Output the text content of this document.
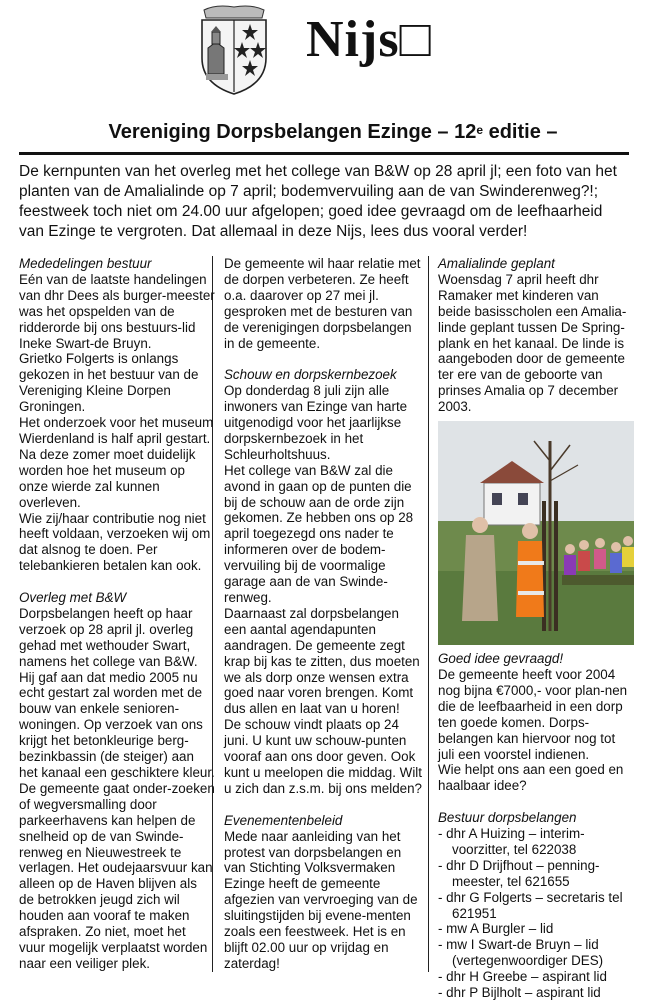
Nijs□
Vereniging Dorpsbelangen Ezinge – 12e editie –
De kernpunten van het overleg met het college van B&W op 28 april jl; een foto van het planten van de Amalialinde op 7 april; bodemvervuiling aan de van Swinderenweg?!; feestweek toch niet om 24.00 uur afgelopen; goed idee gevraagd om de leefhaarheid van Ezinge te vergroten. Dat allemaal in deze Nijs, lees dus vooral verder!

Mededelingen bestuur

Eén van de laatste handelingen van dhr Dees als burger-meester was het opspelden van de ridderorde bij ons bestuurs-lid Ineke Swart-de Bruyn.

Grietko Folgerts is onlangs gekozen in het bestuur van de Vereniging Kleine Dorpen Groningen.

Het onderzoek voor het museum Wierdenland is half april gestart. Na deze zomer moet duidelijk worden hoe het museum op onze wierde zal kunnen overleven.

Wie zij/haar contributie nog niet heeft voldaan, verzoeken wij om dat alsnog te doen. Per telebankieren betalen kan ook.

Overleg met B&W

Dorpsbelangen heeft op haar verzoek op 28 april jl. overleg gehad met wethouder Swart, namens het college van B&W. Hij gaf aan dat medio 2005 nu echt gestart zal worden met de bouw van enkele senioren-woningen. Op verzoek van ons krijgt het betonkleurige berg-bezinkbassin (de steiger) aan het kanaal een geschiktere kleur. De gemeente gaat onder-zoeken of wegversmalling door parkeerhavens kan helpen de snelheid op de van Swinde-renweg en Nieuwestreek te verlagen. Het oudejaarsvuur kan alleen op de Haven blijven als de betrokken jeugd zich wil houden aan vooraf te maken afspraken. Zo niet, moet het vuur mogelijk verplaatst worden naar een veiliger plek.

De gemeente wil haar relatie met de dorpen verbeteren. Ze heeft o.a. daarover op 27 mei jl. gesproken met de besturen van de verenigingen dorpsbelangen in de gemeente.

Schouw en dorpskernbezoek

Op donderdag 8 juli zijn alle inwoners van Ezinge van harte uitgenodigd voor het jaarlijkse dorpskernbezoek in het Schleurholtshuus.

Het college van B&W zal die avond in gaan op de punten die bij de schouw aan de orde zijn gekomen. Ze hebben ons op 28 april toegezegd ons nader te informeren over de bodem-vervuiling bij de voormalige garage aan de van Swinde-renweg.

Daarnaast zal dorpsbelangen een aantal agendapunten aandragen. De gemeente zegt krap bij kas te zitten, dus moeten we als dorp onze wensen extra goed naar voren brengen. Komt dus allen en laat van u horen!

De schouw vindt plaats op 24 juni. U kunt uw schouw-punten vooraf aan ons door geven. Ook kunt u meelopen die middag. Wilt u zich dan z.s.m. bij ons melden?

Evenementenbeleid

Mede naar aanleiding van het protest van dorpsbelangen en van Stichting Volksvermaken Ezinge heeft de gemeente afgezien van vervroeging van de sluitingstijden bij evene-menten zoals een feestweek. Het is en blijft 02.00 uur op vrijdag en zaterdag!

Amalialinde geplant

Woensdag 7 april heeft dhr Ramaker met kinderen van beide basisscholen een Amalia-linde geplant tussen De Spring-plank en het kanaal. De linde is aangeboden door de gemeente ter ere van de geboorte van prinses Amalia op 7 december 2003.

Goed idee gevraagd!

De gemeente heeft voor 2004 nog bijna €7000,- voor plan-nen die de leefbaarheid in een dorp ten goede komen. Dorps-belangen kan hiervoor nog tot juli een voorstel indienen.

Wie helpt ons aan een goed en haalbaar idee?

Bestuur dorpsbelangen

- dhr A Huizing – interim-voorzitter, tel 622038
- dhr D Drijfhout – penning-meester, tel 621655
- dhr G Folgerts – secretaris tel 621951
- mw A Burgler – lid
- mw I Swart-de Bruyn – lid (vertegenwoordiger DES)
- dhr H Greebe – aspirant lid
- dhr P Bijlholt – aspirant lid
